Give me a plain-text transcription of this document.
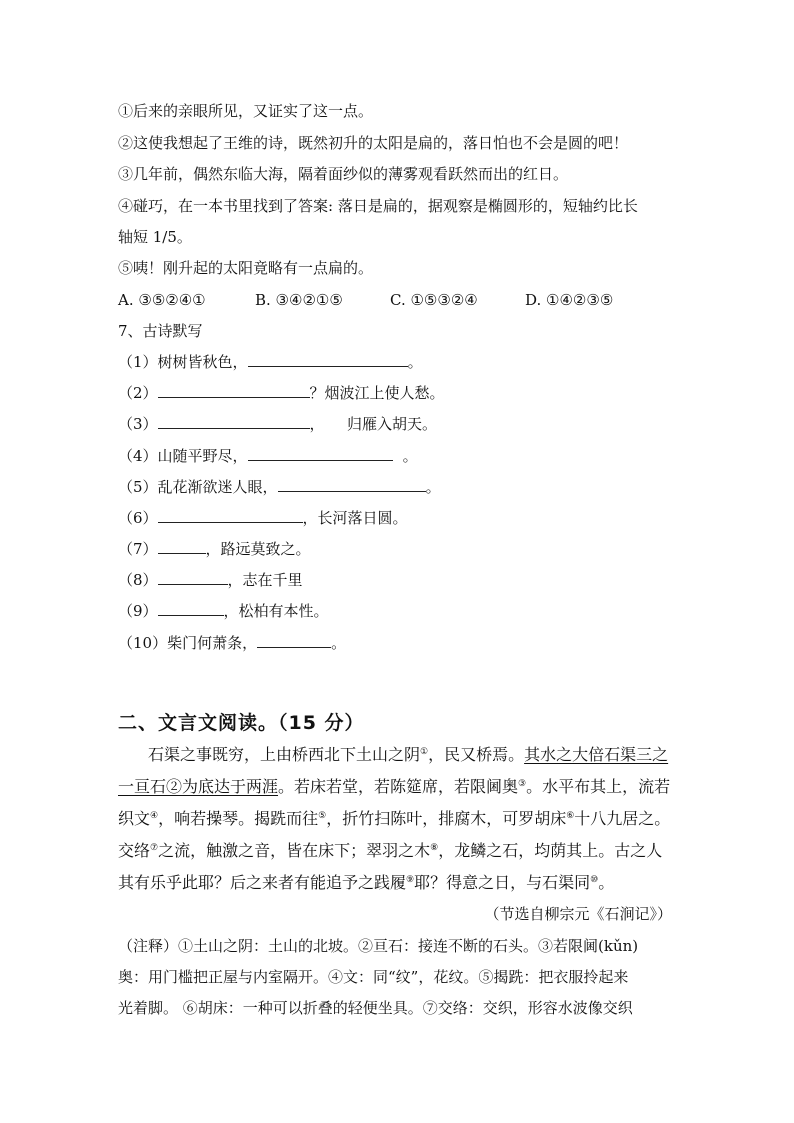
①后来的亲眼所见，又证实了这一点。
②这使我想起了王维的诗，既然初升的太阳是扁的，落日怕也不会是圆的吧！
③几年前，偶然东临大海，隔着面纱似的薄雾观看跃然而出的红日。
④碰巧，在一本书里找到了答案: 落日是扁的，据观察是椭圆形的，短轴约比长
轴短 1/5。
⑤咦！刚升起的太阳竟略有一点扁的。
A. ③⑤②④①	B. ③④②①⑤	C. ①⑤③②④	D. ①④②③⑤
7、古诗默写
（1）树树皆秋色，	。
（2）	？烟波江上使人愁。
（3）	，　　归雁入胡天。
（4）山随平野尽，	。
（5）乱花渐欲迷人眼，	。
（6）	，长河落日圆。
（7）	，路远莫致之。
（8）	，志在千里
（9）	，松柏有本性。
（10）柴门何萧条，	。
二、文言文阅读。（15 分）
石渠之事既穷，上由桥西北下土山之阴①，民又桥焉。其水之大倍石渠三之
一亘石②为底达于两涯。若床若堂，若陈筵席，若限阃奥③。水平布其上，流若
织文④，响若操琴。揭跣而往⑤，折竹扫陈叶，排腐木，可罗胡床⑥十八九居之。
交络⑦之流，触激之音，皆在床下；翠羽之木⑧，龙鳞之石，均荫其上。古之人
其有乐乎此耶？后之来者有能追予之践履⑨耶？得意之日，与石渠同⑩。
（节选自柳宗元《石涧记》）
（注释）①土山之阴：土山的北坡。②亘石：接连不断的石头。③若限阃(kǔn)
奥：用门槛把正屋与内室隔开。④文：同“纹”，花纹。⑤揭跣：把衣服拎起来
光着脚。 ⑥胡床：一种可以折叠的轻便坐具。⑦交络：交织，形容水波像交织
